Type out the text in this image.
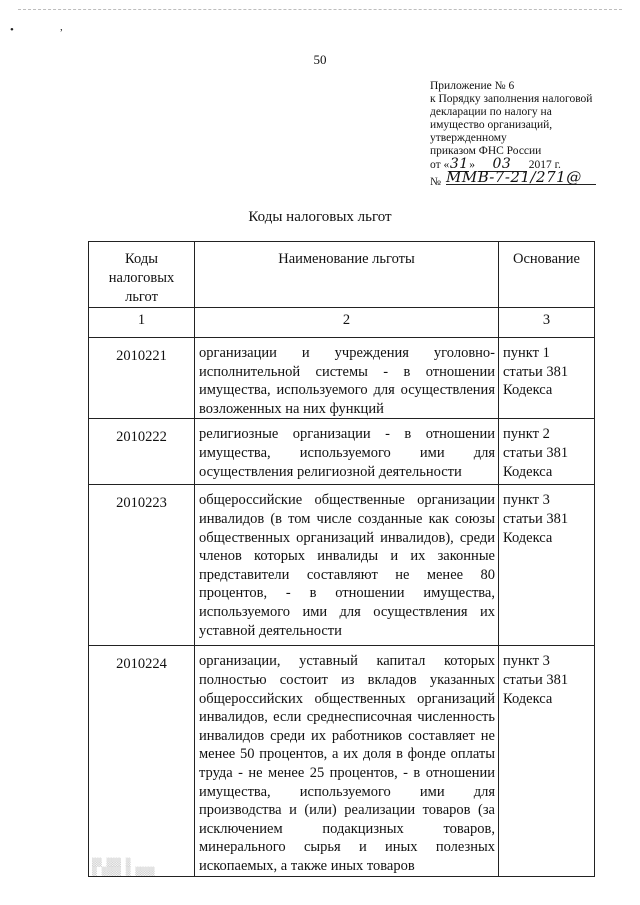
•	,
50
Приложение № 6
к Порядку заполнения налоговой
декларации по налогу на
имущество организаций,
утвержденному
приказом ФНС России
от «31» 03 2017 г.
№ ММВ-7-21/271@
Коды налоговых льгот
Коды налоговых льгот	Наименование льготы	Основание
1	2	3
2010221	организации и учреждения уголовно-исполнительной системы - в отношении имущества, используемого для осуществления возложенных на них функций	пункт 1 статьи 381 Кодекса
2010222	религиозные организации - в отношении имущества, используемого ими для осуществления религиозной деятельности	пункт 2 статьи 381 Кодекса
2010223	общероссийские общественные организации инвалидов (в том числе созданные как союзы общественных организаций инвалидов), среди членов которых инвалиды и их законные представители составляют не менее 80 процентов, - в отношении имущества, используемого ими для осуществления их уставной деятельности	пункт 3 статьи 381 Кодекса
2010224	организации, уставный капитал которых полностью состоит из вкладов указанных общероссийских общественных организаций инвалидов, если среднесписочная численность инвалидов среди их работников составляет не менее 50 процентов, а их доля в фонде оплаты труда - не менее 25 процентов, - в отношении имущества, используемого ими для производства и (или) реализации товаров (за исключением подакцизных товаров, минерального сырья и иных полезных ископаемых, а также иных товаров	пункт 3 статьи 381 Кодекса
▒▒ ▒▒▒ ▒
▒ ▒▒▒▒ ▒ ▒▒▒▒
